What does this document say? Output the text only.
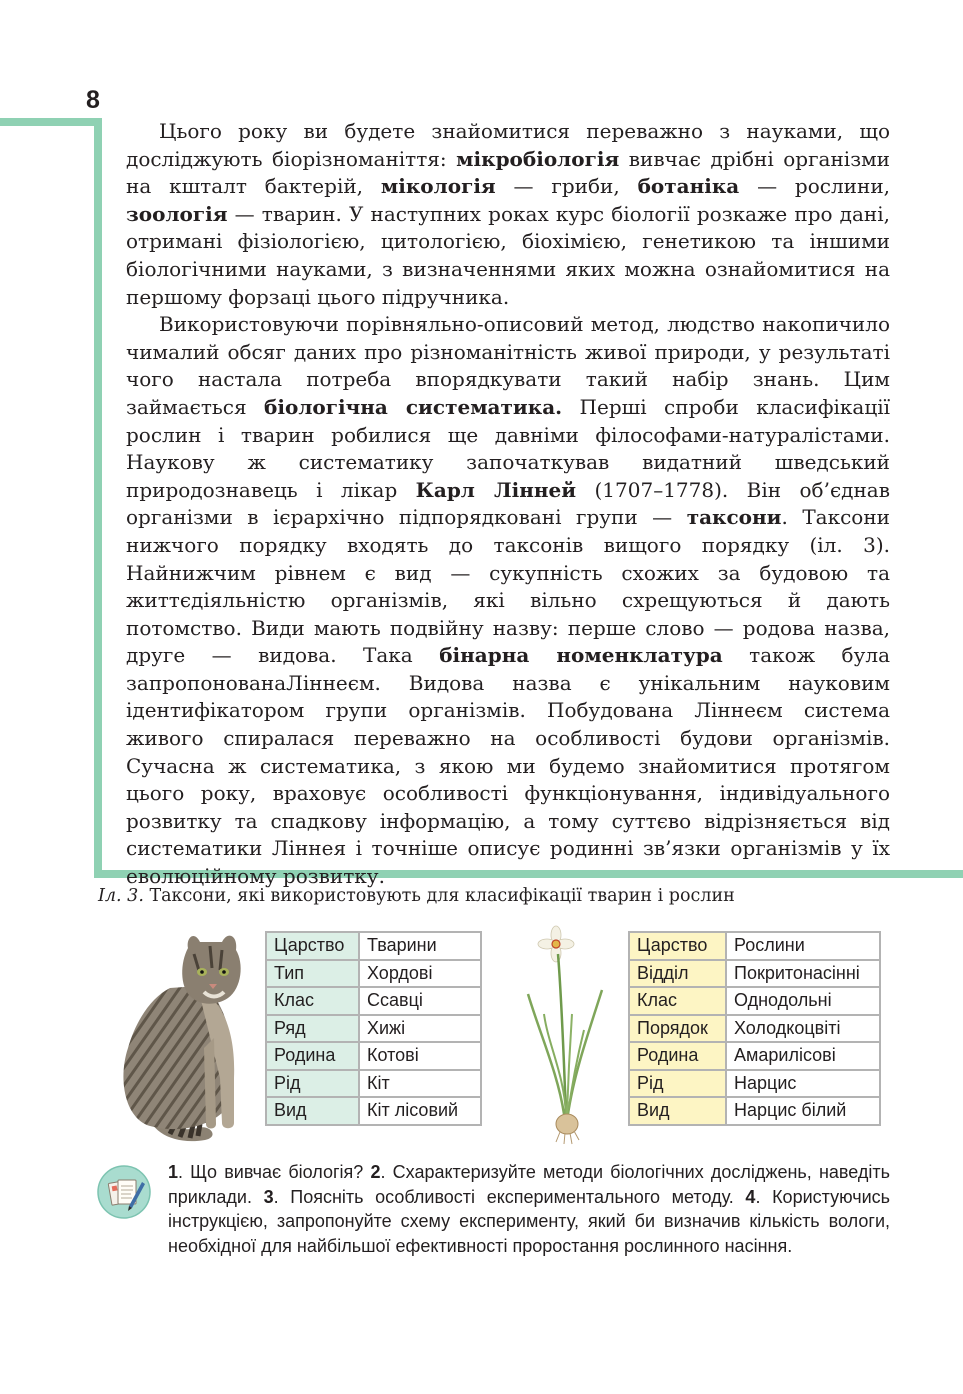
8

Цього року ви будете знайомитися переважно з науками, що досліджують біорізноманіття: мікробіологія вивчає дрібні організми на кшталт бактерій, мікологія — гриби, ботаніка — рослини, зоологія — тварин. У наступних роках курс біології розкаже про дані, отримані фізіологією, цитологією, біохімією, генетикою та іншими біологічними науками, з визначеннями яких можна ознайомитися на першому форзаці цього підручника.

Використовуючи порівняльно-описовий метод, людство накопичило чималий обсяг даних про різноманітність живої природи, у результаті чого настала потреба впорядкувати такий набір знань. Цим займається біологічна систематика. Перші спроби класифікації рослин і тварин робилися ще давніми філософами-натуралістами. Наукову ж систематику започаткував видатний шведський природознавець і лікар Карл Лінней (1707–1778). Він об’єднав організми в ієрархічно підпорядковані групи — таксони. Таксони нижчого порядку входять до таксонів вищого порядку (іл. 3). Найнижчим рівнем є вид — сукупність схожих за будовою та життєдіяльністю організмів, які вільно схрещуються й дають потомство. Види мають подвійну назву: перше слово — родова назва, друге — видова. Така бінарна номенклатура також була запропонованаЛіннеєм. Видова назва є унікальним науковим ідентифікатором групи організмів. Побудована Ліннеєм система живого спиралася переважно на особливості будови організмів. Сучасна ж систематика, з якою ми будемо знайомитися протягом цього року, враховує особливості функціонування, індивідуального розвитку та спадкову інформацію, а тому суттєво відрізняється від систематики Ліннея і точніше описує родинні зв’язки організмів у їх еволюційному розвитку.

Іл. 3. Таксони, які використовують для класифікації тварин і рослин
Царство	Тварини
Тип	Хордові
Клас	Ссавці
Ряд	Хижі
Родина	Котові
Рід	Кіт
Вид	Кіт лісовий
Царство	Рослини
Відділ	Покритонасінні
Клас	Однодольні
Порядок	Холодкоцвіті
Родина	Амарилісові
Рід	Нарцис
Вид	Нарцис білий
1. Що вивчає біологія? 2. Схарактеризуйте методи біологічних досліджень, наведіть приклади. 3. Поясніть особливості експериментального методу. 4. Користуючись інструкцією, запропонуйте схему експерименту, який би визначив кількість вологи, необхідної для найбільшої ефективності проростання рослинного насіння.
